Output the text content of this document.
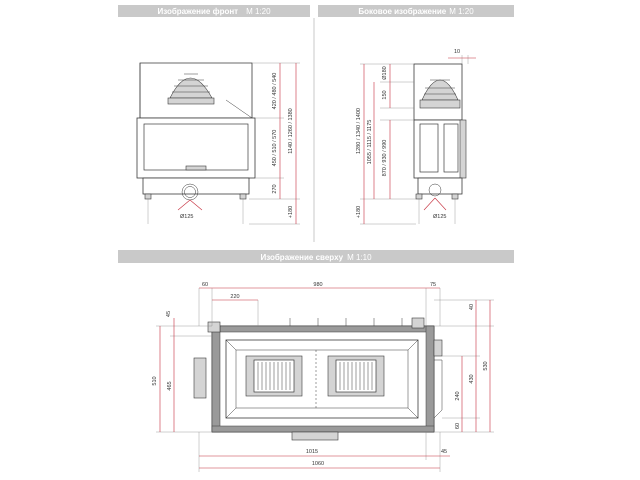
Изображение фронт M 1:20	Боковое изображение M 1:20
Изображение сверху M 1:10
420 / 480 / 540
450 / 510 / 570
270
1140 / 1260 / 1380
+180
Ø125
10
1280 / 1340 / 1400
+180
1055 / 1115 / 1175
Ø180
150
870 / 930 / 990
Ø125
60
220
980	75
510
465
45
40
430
530
240
60
1015	45
1060
